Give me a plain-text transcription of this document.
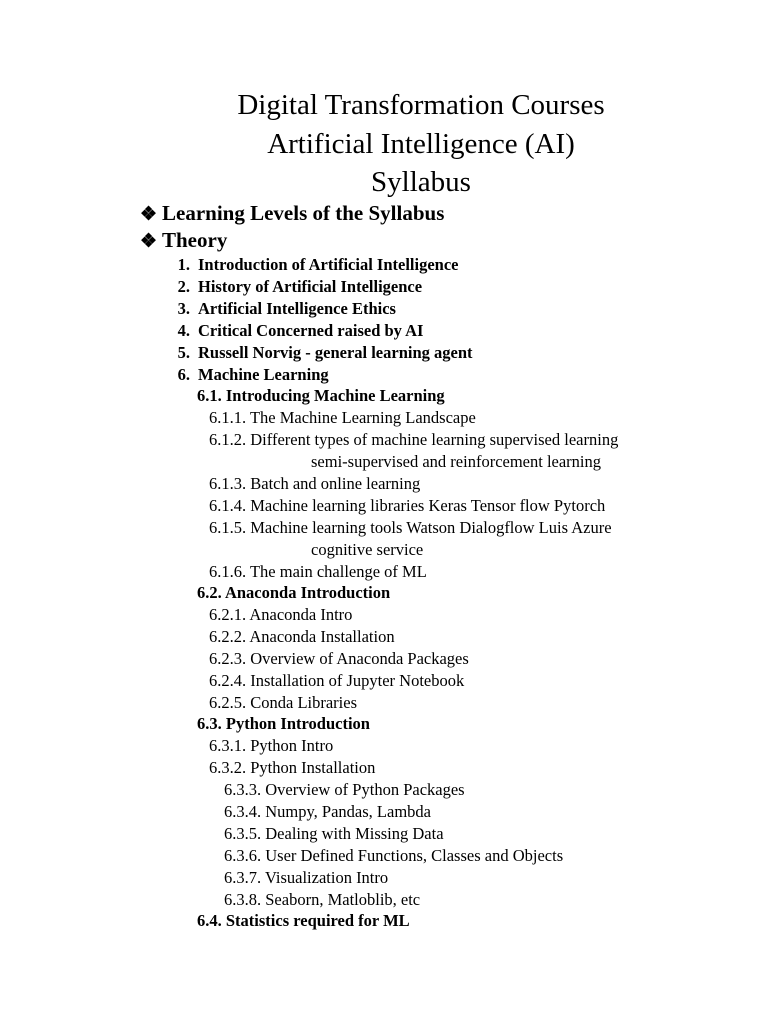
Digital Transformation Courses
Artificial Intelligence (AI)
Syllabus
❖ Learning Levels of the Syllabus
❖ Theory
1. Introduction of Artificial Intelligence
2. History of Artificial Intelligence
3. Artificial Intelligence Ethics
4. Critical Concerned raised by AI
5. Russell Norvig - general learning agent
6. Machine Learning
6.1. Introducing Machine Learning
6.1.1. The Machine Learning Landscape
6.1.2. Different types of machine learning supervised learning
semi-supervised and reinforcement learning
6.1.3. Batch and online learning
6.1.4. Machine learning libraries Keras Tensor flow Pytorch
6.1.5. Machine learning tools Watson Dialogflow Luis Azure
cognitive service
6.1.6. The main challenge of ML
6.2. Anaconda Introduction
6.2.1. Anaconda Intro
6.2.2. Anaconda Installation
6.2.3. Overview of Anaconda Packages
6.2.4. Installation of Jupyter Notebook
6.2.5. Conda Libraries
6.3. Python Introduction
6.3.1. Python Intro
6.3.2. Python Installation
6.3.3. Overview of Python Packages
6.3.4. Numpy, Pandas, Lambda
6.3.5. Dealing with Missing Data
6.3.6. User Defined Functions, Classes and Objects
6.3.7. Visualization Intro
6.3.8. Seaborn, Matloblib, etc
6.4. Statistics required for ML
